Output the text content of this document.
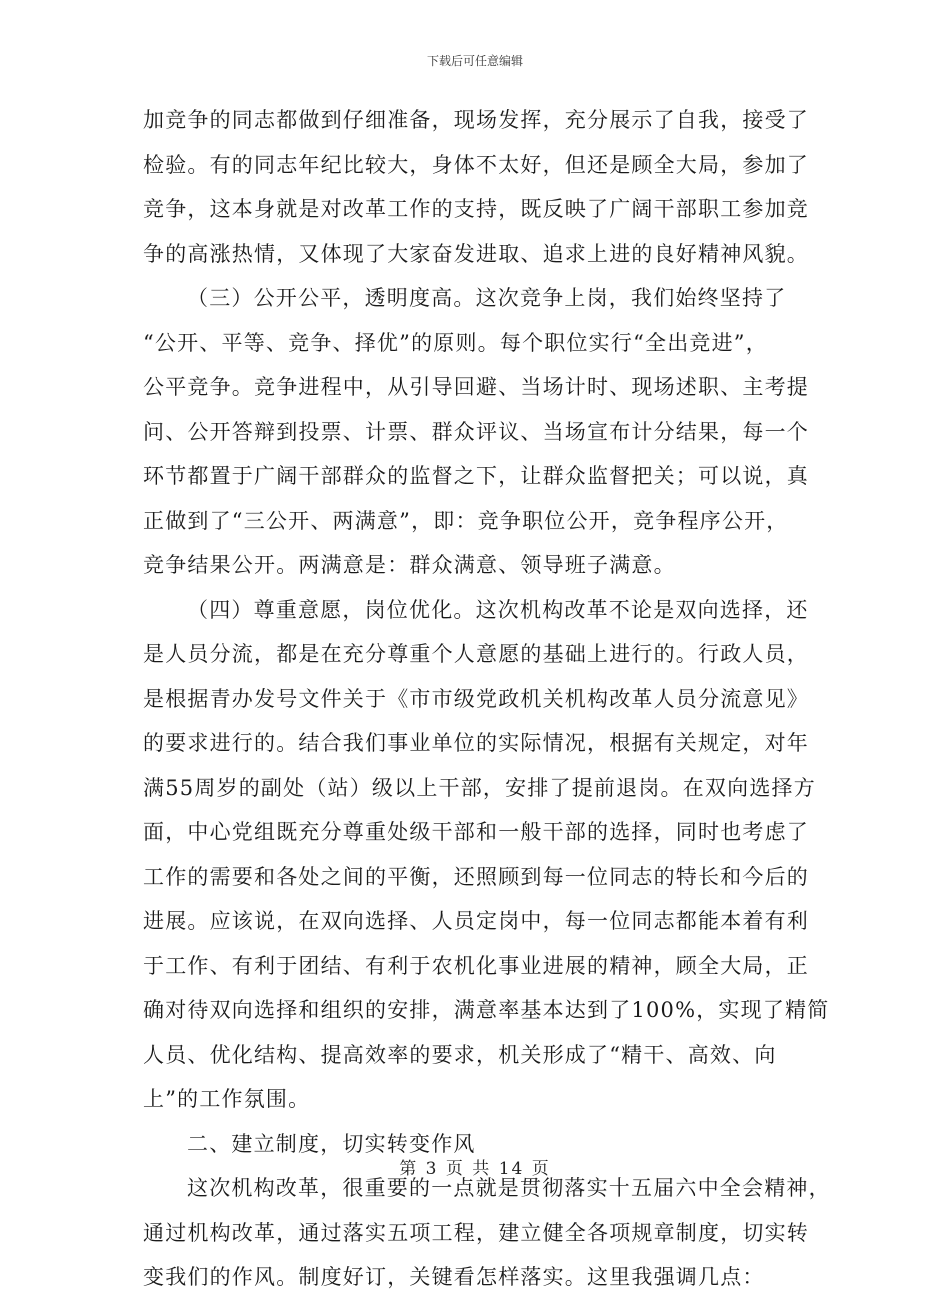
下载后可任意编辑
加竞争的同志都做到仔细准备，现场发挥，充分展示了自我，接受了
检验。有的同志年纪比较大，身体不太好，但还是顾全大局，参加了
竞争，这本身就是对改革工作的支持，既反映了广阔干部职工参加竞
争的高涨热情，又体现了大家奋发进取、追求上进的良好精神风貌。
（三）公开公平，透明度高。这次竞争上岗，我们始终坚持了
“公开、平等、竞争、择优”的原则。每个职位实行“全出竞进”，
公平竞争。竞争进程中，从引导回避、当场计时、现场述职、主考提
问、公开答辩到投票、计票、群众评议、当场宣布计分结果，每一个
环节都置于广阔干部群众的监督之下，让群众监督把关；可以说，真
正做到了“三公开、两满意”，即：竞争职位公开，竞争程序公开，
竞争结果公开。两满意是：群众满意、领导班子满意。
（四）尊重意愿，岗位优化。这次机构改革不论是双向选择，还
是人员分流，都是在充分尊重个人意愿的基础上进行的。行政人员，
是根据青办发号文件关于《市市级党政机关机构改革人员分流意见》
的要求进行的。结合我们事业单位的实际情况，根据有关规定，对年
满55周岁的副处（站）级以上干部，安排了提前退岗。在双向选择方
面，中心党组既充分尊重处级干部和一般干部的选择，同时也考虑了
工作的需要和各处之间的平衡，还照顾到每一位同志的特长和今后的
进展。应该说，在双向选择、人员定岗中，每一位同志都能本着有利
于工作、有利于团结、有利于农机化事业进展的精神，顾全大局，正
确对待双向选择和组织的安排，满意率基本达到了100%，实现了精简
人员、优化结构、提高效率的要求，机关形成了“精干、高效、向
上”的工作氛围。
二、建立制度，切实转变作风
这次机构改革，很重要的一点就是贯彻落实十五届六中全会精神，
通过机构改革，通过落实五项工程，建立健全各项规章制度，切实转
变我们的作风。制度好订，关键看怎样落实。这里我强调几点：
第 3 页 共 14 页
